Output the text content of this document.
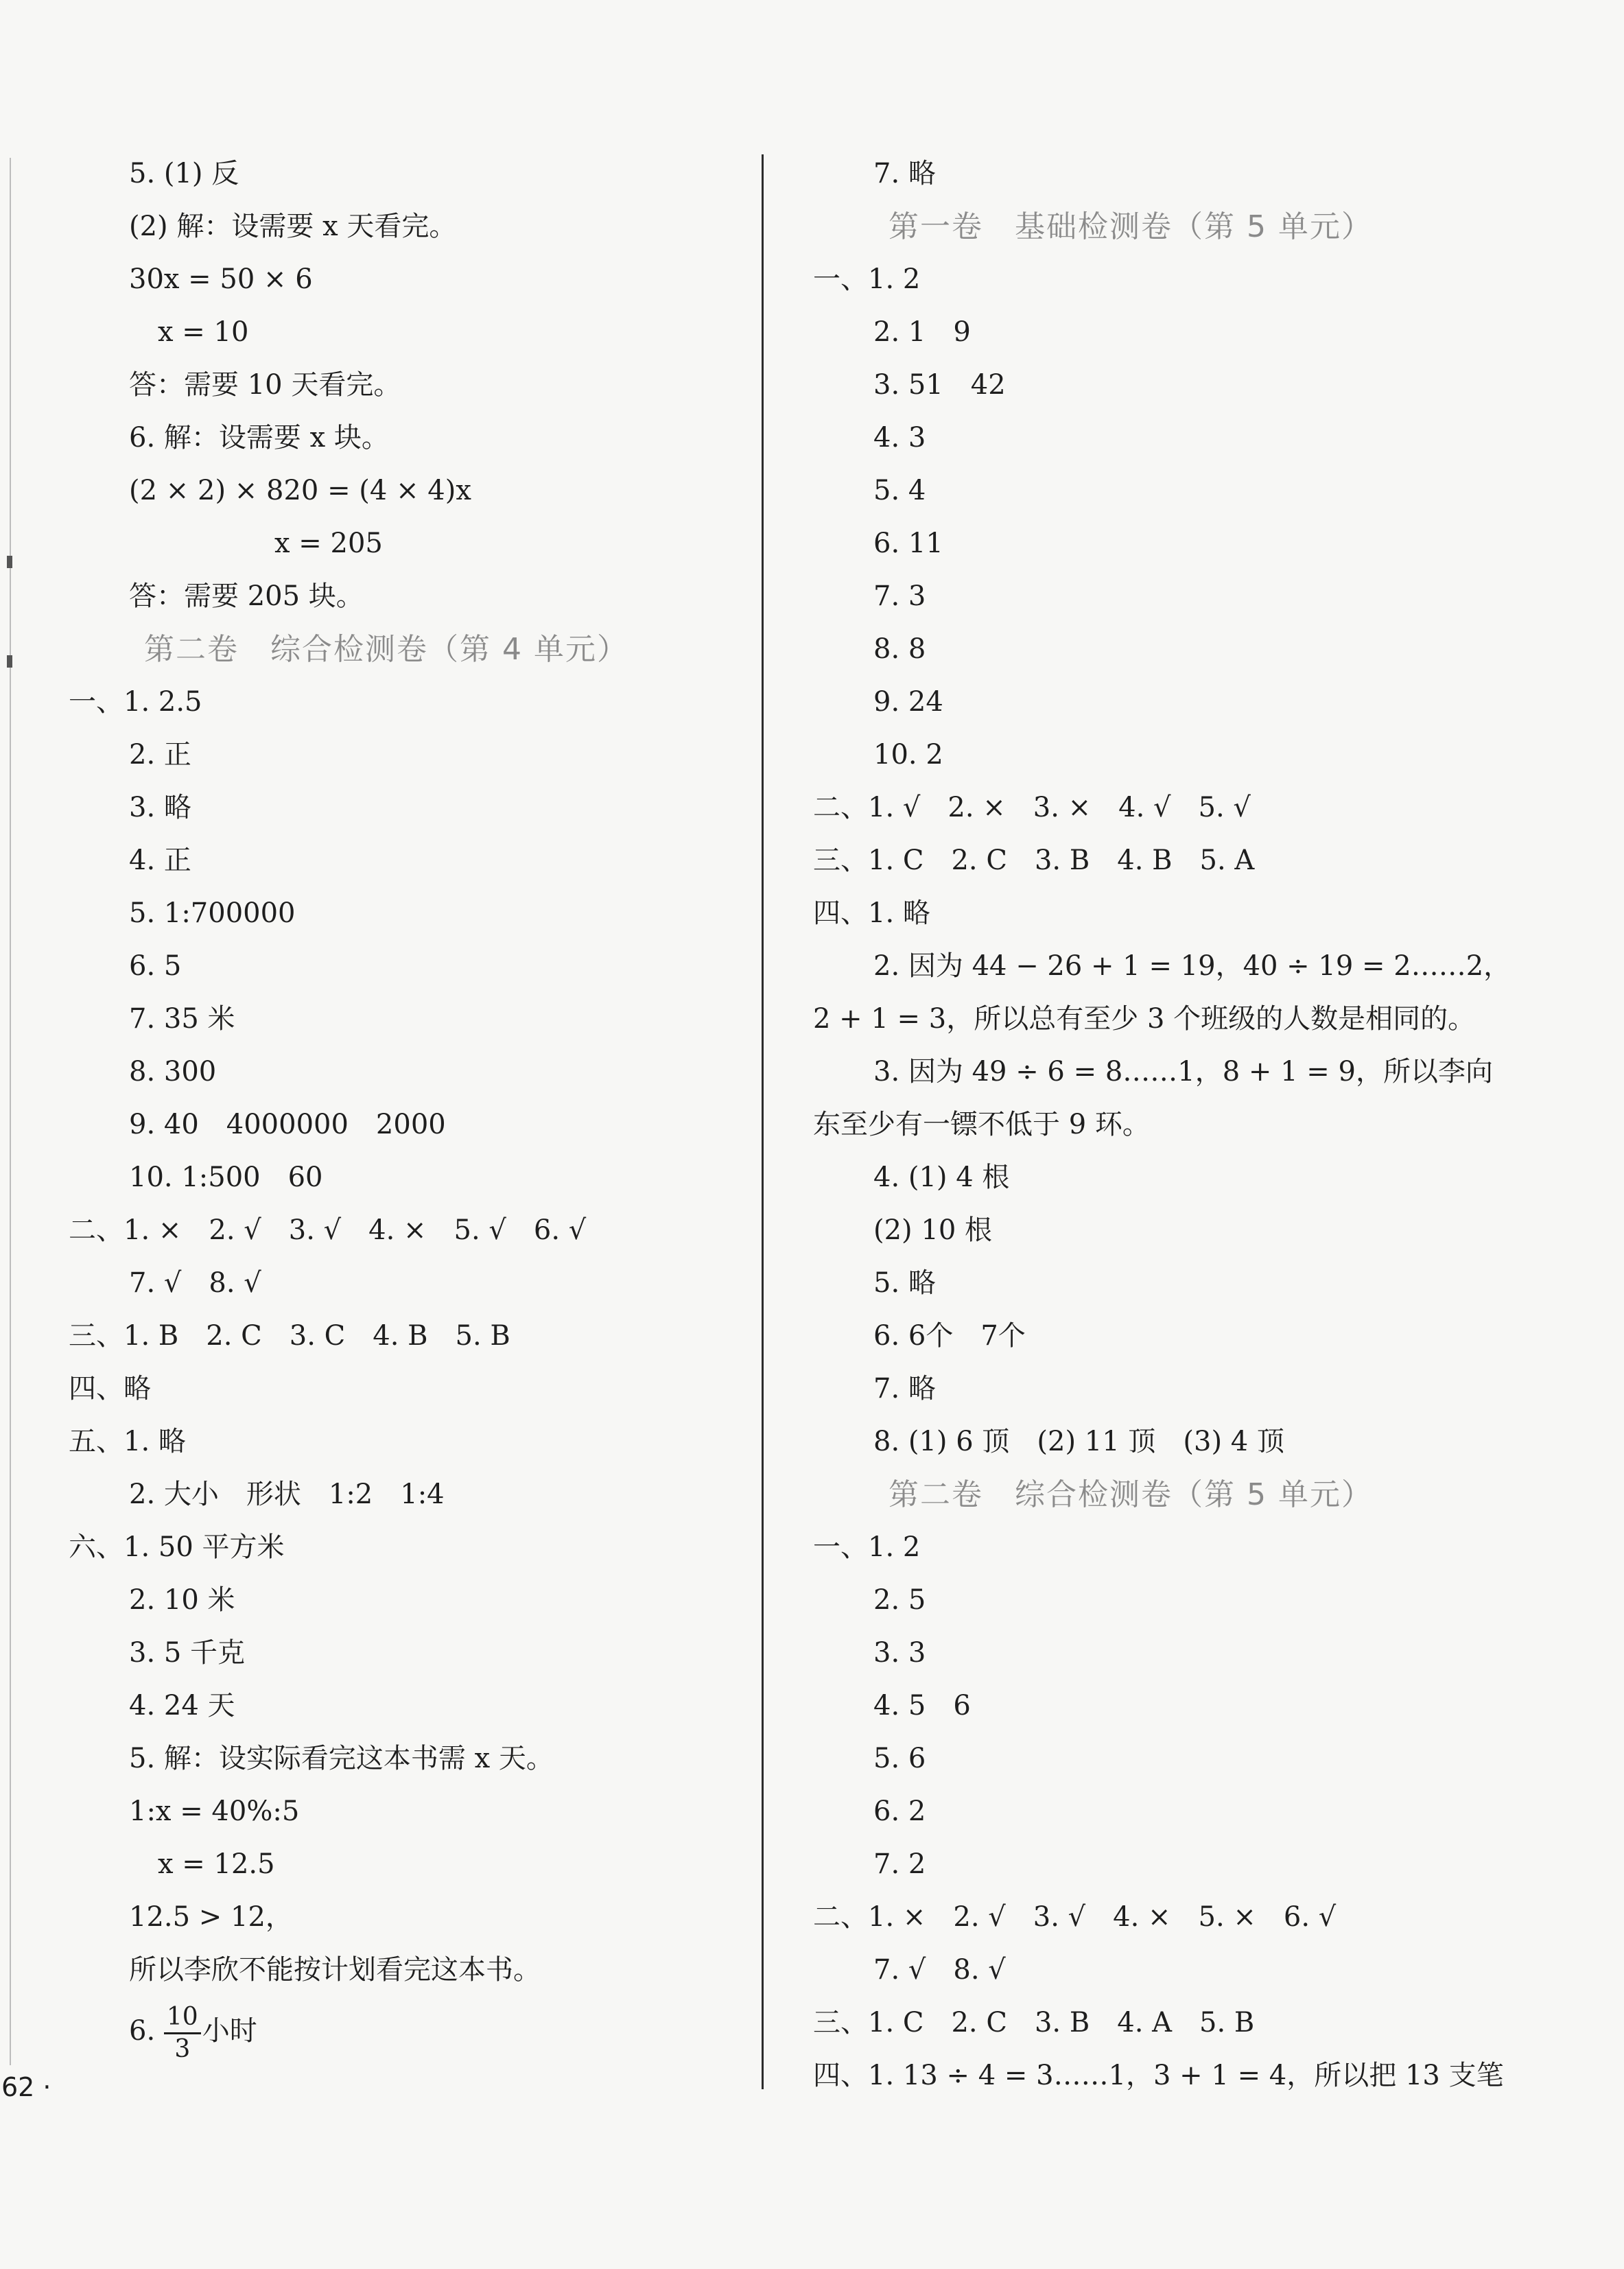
5. (1) 反
(2) 解：设需要 x 天看完。
30x = 50 × 6
x = 10
答：需要 10 天看完。
6. 解：设需要 x 块。
(2 × 2) × 820 = (4 × 4)x
x = 205
答：需要 205 块。
第二卷　综合检测卷（第 4 单元）
一、1. 2.5
2. 正
3. 略
4. 正
5. 1:700000
6. 5
7. 35 米
8. 300
9. 40　4000000　2000
10. 1:500　60
二、1. ×　2. √　3. √　4. ×　5. √　6. √
7. √　8. √
三、1. B　2. C　3. C　4. B　5. B
四、略
五、1. 略
2. 大小　形状　1:2　1:4
六、1. 50 平方米
2. 10 米
3. 5 千克
4. 24 天
5. 解：设实际看完这本书需 x 天。
1:x = 40%:5
x = 12.5
12.5 > 12，
所以李欣不能按计划看完这本书。
6. $\frac{10}{3}$ 小时
7. 略
第一卷　基础检测卷（第 5 单元）
一、1. 2
2. 1　9
3. 51　42
4. 3
5. 4
6. 11
7. 3
8. 8
9. 24
10. 2
二、1. √　2. ×　3. ×　4. √　5. √
三、1. C　2. C　3. B　4. B　5. A
四、1. 略
2. 因为 44 − 26 + 1 = 19，40 ÷ 19 = 2……2，
2 + 1 = 3，所以总有至少 3 个班级的人数是相同的。
3. 因为 49 ÷ 6 = 8……1，8 + 1 = 9，所以李向
东至少有一镖不低于 9 环。
4. (1) 4 根
(2) 10 根
5. 略
6. 6个　7个
7. 略
8. (1) 6 顶　(2) 11 顶　(3) 4 顶
第二卷　综合检测卷（第 5 单元）
一、1. 2
2. 5
3. 3
4. 5　6
5. 6
6. 2
7. 2
二、1. ×　2. √　3. √　4. ×　5. ×　6. √
7. √　8. √
三、1. C　2. C　3. B　4. A　5. B
四、1. 13 ÷ 4 = 3……1，3 + 1 = 4，所以把 13 支笔
62 ·
